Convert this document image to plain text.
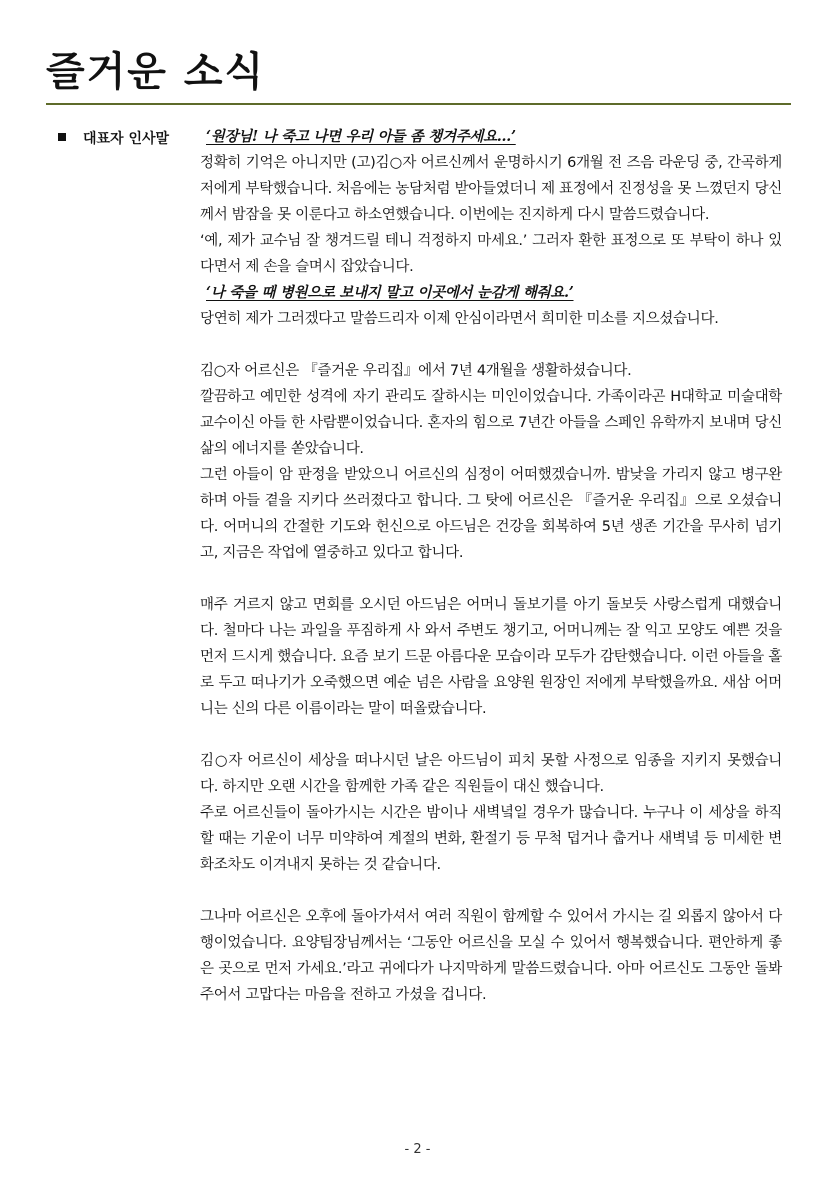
즐거운 소식
대표자 인사말	‘원장님! 나 죽고 나면 우리 아들 좀 챙겨주세요…’

정확히 기억은 아니지만 (고)김○자 어르신께서 운명하시기 6개월 전 즈음 라운딩 중, 간곡하게 저에게 부탁했습니다. 처음에는 농담처럼 받아들였더니 제 표정에서 진정성을 못 느꼈던지 당신께서 밤잠을 못 이룬다고 하소연했습니다. 이번에는 진지하게 다시 말씀드렸습니다.

‘예, 제가 교수님 잘 챙겨드릴 테니 걱정하지 마세요.’ 그러자 환한 표정으로 또 부탁이 하나 있다면서 제 손을 슬며시 잡았습니다.

‘나 죽을 때 병원으로 보내지 말고 이곳에서 눈감게 해줘요.’

당연히 제가 그러겠다고 말씀드리자 이제 안심이라면서 희미한 미소를 지으셨습니다.

김○자 어르신은 『즐거운 우리집』에서 7년 4개월을 생활하셨습니다.

깔끔하고 예민한 성격에 자기 관리도 잘하시는 미인이었습니다. 가족이라곤 H대학교 미술대학 교수이신 아들 한 사람뿐이었습니다. 혼자의 힘으로 7년간 아들을 스페인 유학까지 보내며 당신 삶의 에너지를 쏟았습니다.

그런 아들이 암 판정을 받았으니 어르신의 심정이 어떠했겠습니까. 밤낮을 가리지 않고 병구완하며 아들 곁을 지키다 쓰러졌다고 합니다. 그 탓에 어르신은 『즐거운 우리집』으로 오셨습니다. 어머니의 간절한 기도와 헌신으로 아드님은 건강을 회복하여 5년 생존 기간을 무사히 넘기고, 지금은 작업에 열중하고 있다고 합니다.

매주 거르지 않고 면회를 오시던 아드님은 어머니 돌보기를 아기 돌보듯 사랑스럽게 대했습니다. 철마다 나는 과일을 푸짐하게 사 와서 주변도 챙기고, 어머니께는 잘 익고 모양도 예쁜 것을 먼저 드시게 했습니다. 요즘 보기 드문 아름다운 모습이라 모두가 감탄했습니다. 이런 아들을 홀로 두고 떠나기가 오죽했으면 예순 넘은 사람을 요양원 원장인 저에게 부탁했을까요. 새삼 어머니는 신의 다른 이름이라는 말이 떠올랐습니다.

김○자 어르신이 세상을 떠나시던 날은 아드님이 피치 못할 사정으로 임종을 지키지 못했습니다. 하지만 오랜 시간을 함께한 가족 같은 직원들이 대신 했습니다.

주로 어르신들이 돌아가시는 시간은 밤이나 새벽녘일 경우가 많습니다. 누구나 이 세상을 하직할 때는 기운이 너무 미약하여 계절의 변화, 환절기 등 무척 덥거나 춥거나 새벽녘 등 미세한 변화조차도 이겨내지 못하는 것 같습니다.

그나마 어르신은 오후에 돌아가셔서 여러 직원이 함께할 수 있어서 가시는 길 외롭지 않아서 다행이었습니다. 요양팀장님께서는 ‘그동안 어르신을 모실 수 있어서 행복했습니다. 편안하게 좋은 곳으로 먼저 가세요.’라고 귀에다가 나지막하게 말씀드렸습니다. 아마 어르신도 그동안 돌봐주어서 고맙다는 마음을 전하고 가셨을 겁니다.

- 2 -
